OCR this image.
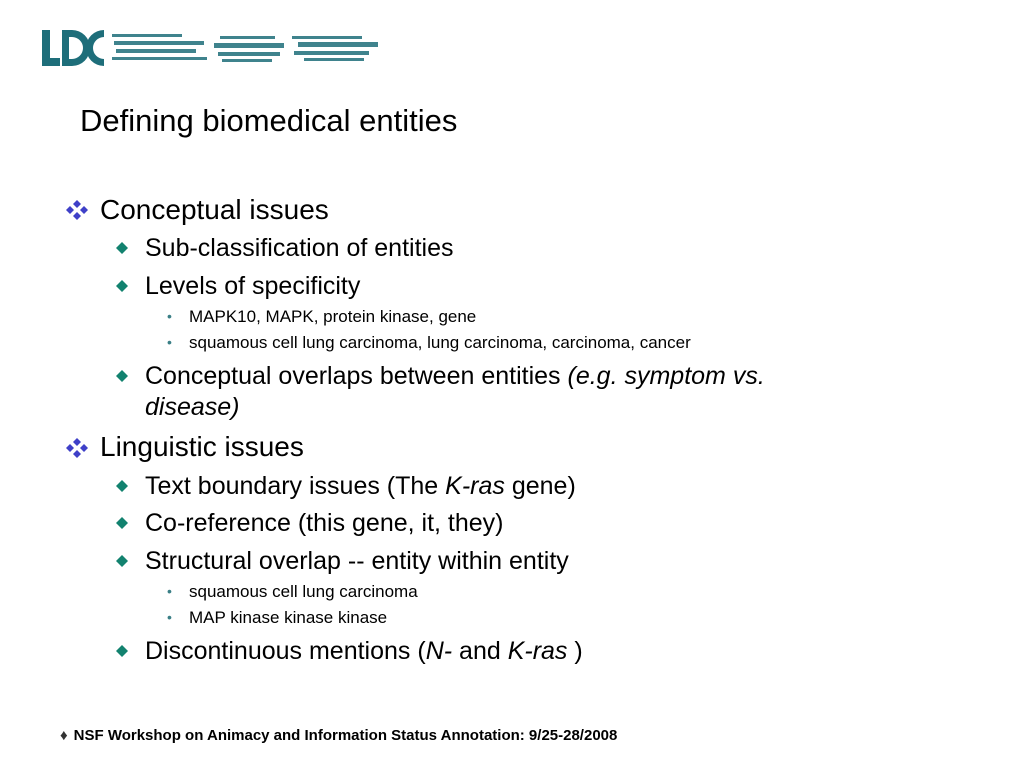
Defining biomedical entities
Conceptual issues
Sub-classification of entities
Levels of specificity
• MAPK10, MAPK, protein kinase, gene
• squamous cell lung carcinoma, lung carcinoma, carcinoma, cancer
Conceptual overlaps between entities (e.g. symptom vs.
disease)
Linguistic issues
Text boundary issues (The K-ras gene)
Co-reference (this gene, it, they)
Structural overlap -- entity within entity
• squamous cell lung carcinoma
• MAP kinase kinase kinase
Discontinuous mentions (N- and K-ras )
♦ NSF Workshop on Animacy and Information Status Annotation: 9/25-28/2008
